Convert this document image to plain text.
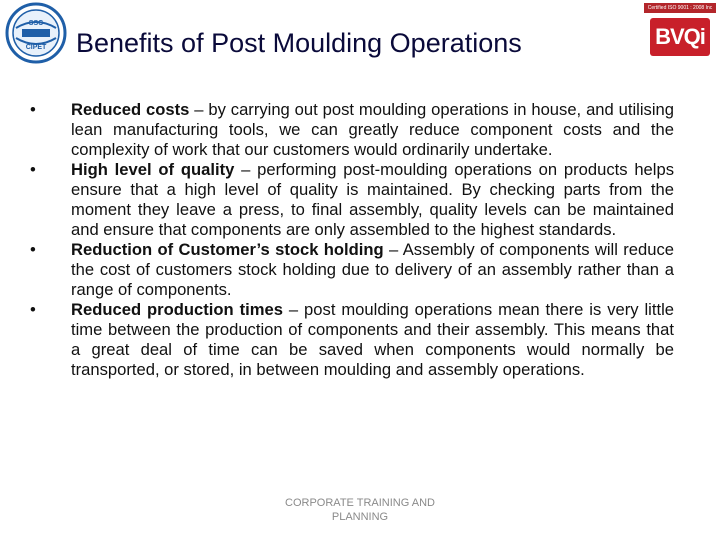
SSC
CIPET
Certified ISO 9001 : 2008 Inc
BVQi
Benefits of Post Moulding Operations
•	Reduced costs – by carrying out post moulding operations in house, and utilising lean manufacturing tools, we can greatly reduce component costs and the complexity of work that our customers would ordinarily undertake.
•	High level of quality – performing post-moulding operations on products helps ensure that a high level of quality is maintained. By checking parts from the moment they leave a press, to final assembly, quality levels can be maintained and ensure that components are only assembled to the highest standards.
•	Reduction of Customer’s stock holding – Assembly of components will reduce the cost of customers stock holding due to delivery of an assembly rather than a range of components.
•	Reduced production times – post moulding operations mean there is very little time between the production of components and their assembly. This means that a great deal of time can be saved when components would normally be transported, or stored, in between moulding and assembly operations.
CORPORATE TRAINING AND
PLANNING
